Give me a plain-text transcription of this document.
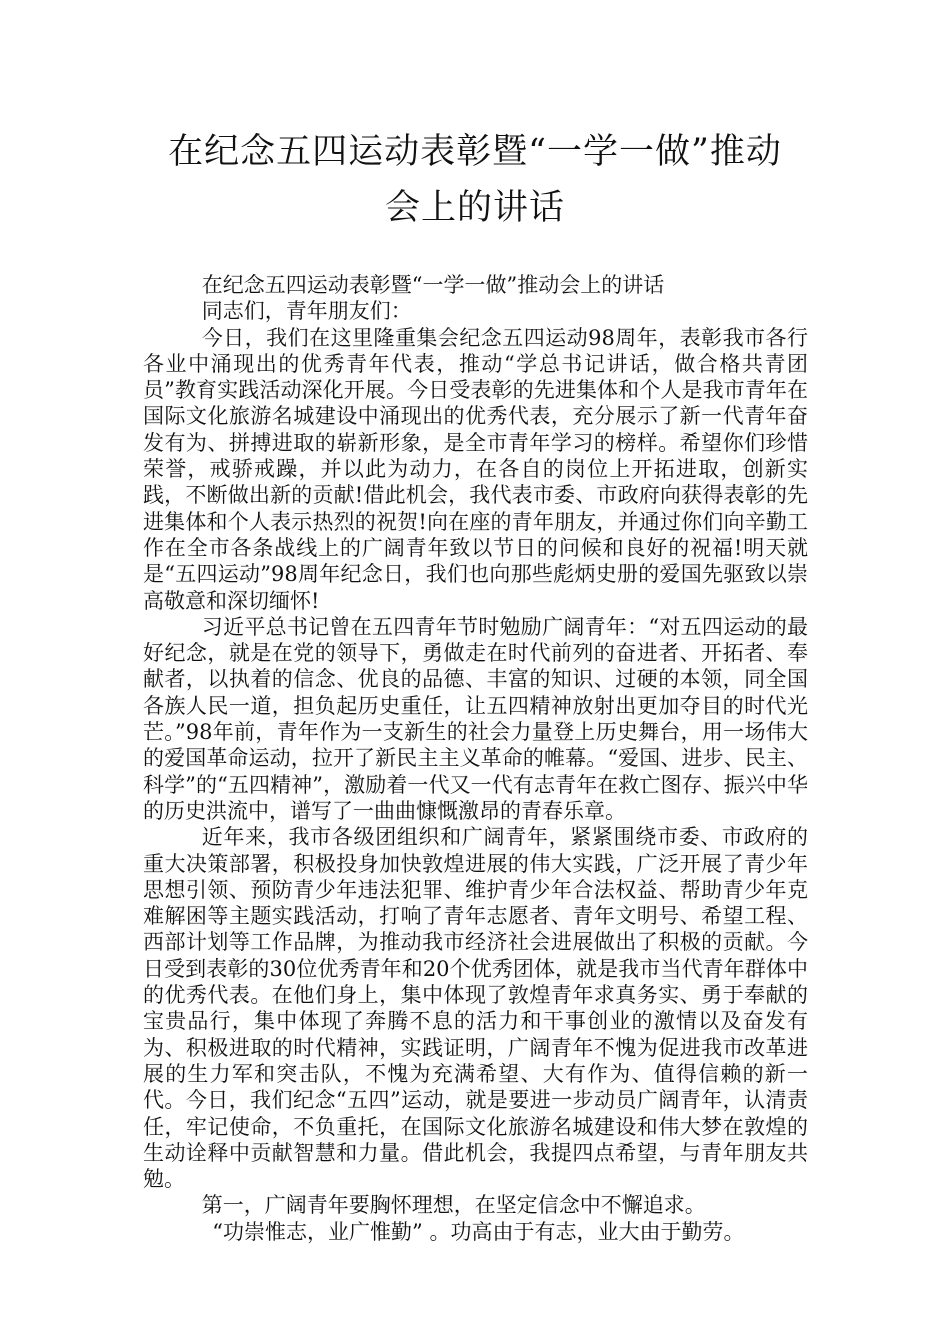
在纪念五四运动表彰暨“一学一做”推动
会上的讲话

在纪念五四运动表彰暨“一学一做”推动会上的讲话

同志们，青年朋友们：

今日，我们在这里隆重集会纪念五四运动98周年，表彰我市各行各业中涌现出的优秀青年代表，推动“学总书记讲话，做合格共青团员”教育实践活动深化开展。今日受表彰的先进集体和个人是我市青年在国际文化旅游名城建设中涌现出的优秀代表，充分展示了新一代青年奋发有为、拼搏进取的崭新形象，是全市青年学习的榜样。希望你们珍惜荣誉，戒骄戒躁，并以此为动力，在各自的岗位上开拓进取，创新实践，不断做出新的贡献!借此机会，我代表市委、市政府向获得表彰的先进集体和个人表示热烈的祝贺!向在座的青年朋友，并通过你们向辛勤工作在全市各条战线上的广阔青年致以节日的问候和良好的祝福!明天就是“五四运动”98周年纪念日，我们也向那些彪炳史册的爱国先驱致以崇高敬意和深切缅怀!

习近平总书记曾在五四青年节时勉励广阔青年：“对五四运动的最好纪念，就是在党的领导下，勇做走在时代前列的奋进者、开拓者、奉献者，以执着的信念、优良的品德、丰富的知识、过硬的本领，同全国各族人民一道，担负起历史重任，让五四精神放射出更加夺目的时代光芒。”98年前，青年作为一支新生的社会力量登上历史舞台，用一场伟大的爱国革命运动，拉开了新民主主义革命的帷幕。“爱国、进步、民主、科学”的“五四精神”，激励着一代又一代有志青年在救亡图存、振兴中华的历史洪流中，谱写了一曲曲慷慨激昂的青春乐章。

近年来，我市各级团组织和广阔青年，紧紧围绕市委、市政府的重大决策部署，积极投身加快敦煌进展的伟大实践，广泛开展了青少年思想引领、预防青少年违法犯罪、维护青少年合法权益、帮助青少年克难解困等主题实践活动，打响了青年志愿者、青年文明号、希望工程、西部计划等工作品牌，为推动我市经济社会进展做出了积极的贡献。今日受到表彰的30位优秀青年和20个优秀团体，就是我市当代青年群体中的优秀代表。在他们身上，集中体现了敦煌青年求真务实、勇于奉献的宝贵品行，集中体现了奔腾不息的活力和干事创业的激情以及奋发有为、积极进取的时代精神，实践证明，广阔青年不愧为促进我市改革进展的生力军和突击队，不愧为充满希望、大有作为、值得信赖的新一代。今日，我们纪念“五四”运动，就是要进一步动员广阔青年，认清责任，牢记使命，不负重托，在国际文化旅游名城建设和伟大梦在敦煌的生动诠释中贡献智慧和力量。借此机会，我提四点希望，与青年朋友共勉。

第一，广阔青年要胸怀理想，在坚定信念中不懈追求。

“功崇惟志，业广惟勤” 。功高由于有志，业大由于勤劳。
